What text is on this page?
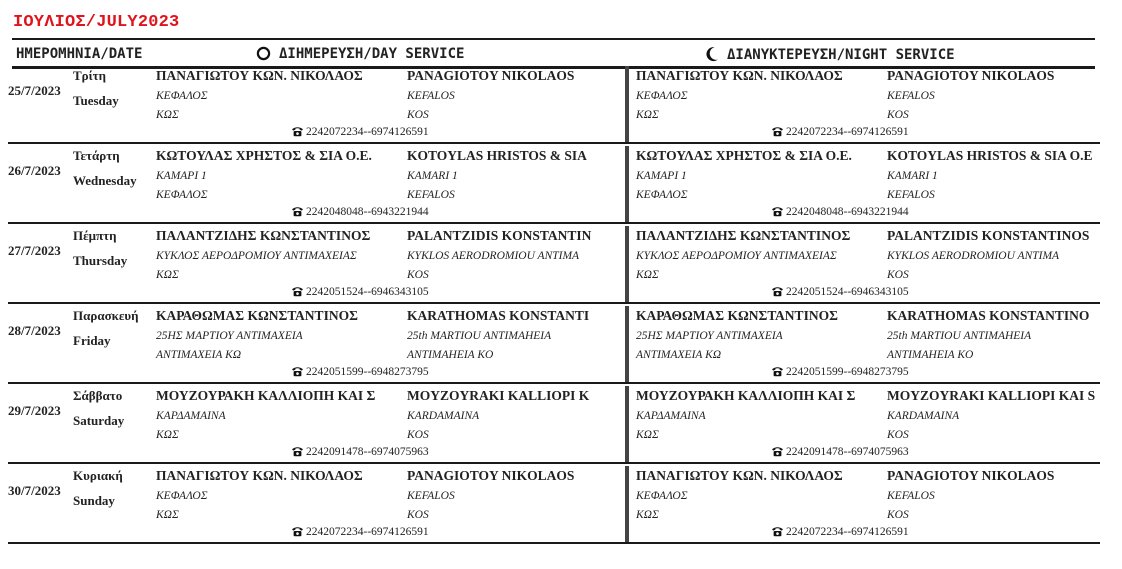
ΙΟΥΛΙΟΣ/JULY2023
ΗΜΕΡΟΜΗΝΙΑ/DATE	ΔΙΗΜΕΡΕΥΣΗ/DAY SERVICE	ΔΙΑΝΥΚΤΕΡΕΥΣΗ/NIGHT SERVICE
25/7/2023
Τρίτη
Tuesday
ΠΑΝΑΓΙΩΤΟΥ ΚΩΝ. ΝΙΚΟΛΑΟΣ	PANAGIOTOY NIKOLAOS
ΚΕΦΑΛΟΣ	KEFALOS
ΚΩΣ	KOS
2242072234--6974126591
ΠΑΝΑΓΙΩΤΟΥ ΚΩΝ. ΝΙΚΟΛΑΟΣ	PANAGIOTOY NIKOLAOS
ΚΕΦΑΛΟΣ	KEFALOS
ΚΩΣ	KOS
2242072234--6974126591
26/7/2023
Τετάρτη
Wednesday
ΚΩΤΟΥΛΑΣ ΧΡΗΣΤΟΣ & ΣΙΑ Ο.Ε.	KOTOYLAS HRISTOS & SIA
ΚΑΜΑΡΙ 1	KAMARI 1
ΚΕΦΑΛΟΣ	KEFALOS
2242048048--6943221944
ΚΩΤΟΥΛΑΣ ΧΡΗΣΤΟΣ & ΣΙΑ Ο.Ε.	KOTOYLAS HRISTOS & SIA O.E
ΚΑΜΑΡΙ 1	KAMARI 1
ΚΕΦΑΛΟΣ	KEFALOS
2242048048--6943221944
27/7/2023
Πέμπτη
Thursday
ΠΑΛΑΝΤΖΙΔΗΣ ΚΩΝΣΤΑΝΤΙΝΟΣ	PALANTZIDIS KONSTANTIN
ΚΥΚΛΟΣ ΑΕΡΟΔΡΟΜΙΟΥ ΑΝΤΙΜΑΧΕΙΑΣ	KYKLOS AERODROMIOU ANTIMA
ΚΩΣ	KOS
2242051524--6946343105
ΠΑΛΑΝΤΖΙΔΗΣ ΚΩΝΣΤΑΝΤΙΝΟΣ	PALANTZIDIS KONSTANTINOS
ΚΥΚΛΟΣ ΑΕΡΟΔΡΟΜΙΟΥ ΑΝΤΙΜΑΧΕΙΑΣ	KYKLOS AERODROMIOU ANTIMA
ΚΩΣ	KOS
2242051524--6946343105
28/7/2023
Παρασκευή
Friday
ΚΑΡΑΘΩΜΑΣ ΚΩΝΣΤΑΝΤΙΝΟΣ	KARATHOMAS KONSTANTI
25ΗΣ ΜΑΡΤΙΟΥ ΑΝΤΙΜΑΧΕΙΑ	25th MARTIOU ANTIMAHEIA
ΑΝΤΙΜΑΧΕΙΑ ΚΩ	ANTIMAHEIA KO
2242051599--6948273795
ΚΑΡΑΘΩΜΑΣ ΚΩΝΣΤΑΝΤΙΝΟΣ	KARATHOMAS KONSTANTINO
25ΗΣ ΜΑΡΤΙΟΥ ΑΝΤΙΜΑΧΕΙΑ	25th MARTIOU ANTIMAHEIA
ΑΝΤΙΜΑΧΕΙΑ ΚΩ	ANTIMAHEIA KO
2242051599--6948273795
29/7/2023
Σάββατο
Saturday
ΜΟΥΖΟΥΡΑΚΗ ΚΑΛΛΙΟΠΗ ΚΑΙ Σ MOYZOYRAKI KALLIOPI K
ΚΑΡΔΑΜΑΙΝΑ	KARDAMAINA
ΚΩΣ	KOS
2242091478--6974075963
ΜΟΥΖΟΥΡΑΚΗ ΚΑΛΛΙΟΠΗ ΚΑΙ Σ MOYZOYRAKI KALLIOPI KAI S
ΚΑΡΔΑΜΑΙΝΑ	KARDAMAINA
ΚΩΣ	KOS
2242091478--6974075963
30/7/2023
Κυριακή
Sunday
ΠΑΝΑΓΙΩΤΟΥ ΚΩΝ. ΝΙΚΟΛΑΟΣ	PANAGIOTOY NIKOLAOS
ΚΕΦΑΛΟΣ	KEFALOS
ΚΩΣ	KOS
2242072234--6974126591
ΠΑΝΑΓΙΩΤΟΥ ΚΩΝ. ΝΙΚΟΛΑΟΣ	PANAGIOTOY NIKOLAOS
ΚΕΦΑΛΟΣ	KEFALOS
ΚΩΣ	KOS
2242072234--6974126591
